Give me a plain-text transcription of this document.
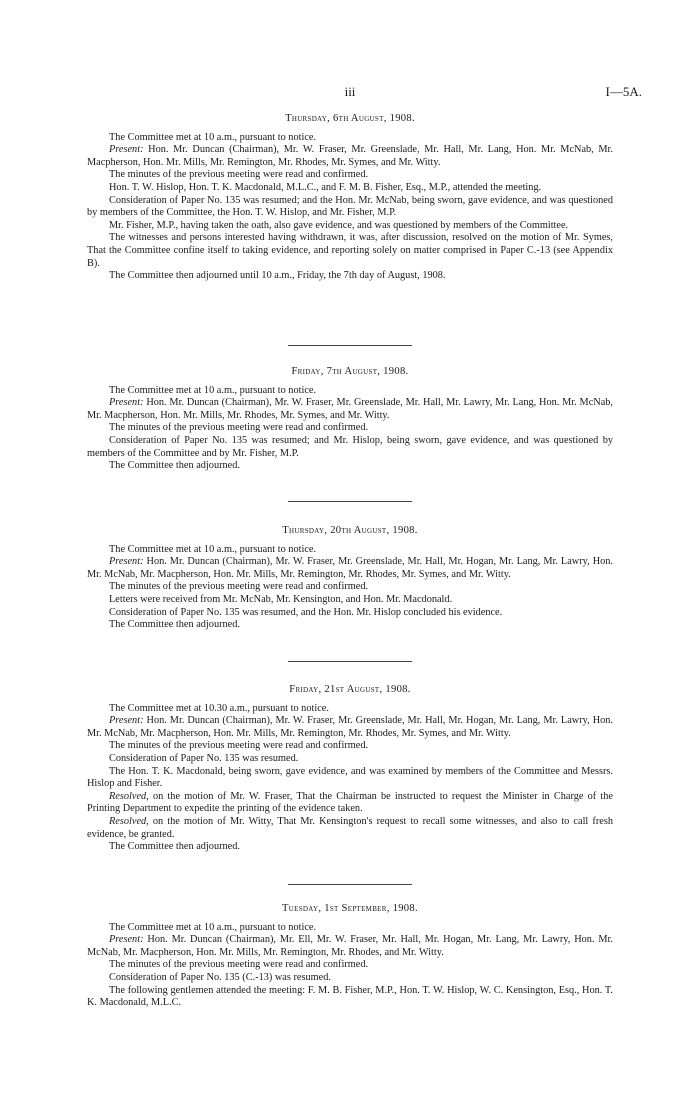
iii	I—5A.
Thursday, 6th August, 1908.

The Committee met at 10 a.m., pursuant to notice.

Present: Hon. Mr. Duncan (Chairman), Mr. W. Fraser, Mr. Greenslade, Mr. Hall, Mr. Lang, Hon. Mr. McNab, Mr. Macpherson, Hon. Mr. Mills, Mr. Remington, Mr. Rhodes, Mr. Symes, and Mr. Witty.

The minutes of the previous meeting were read and confirmed.

Hon. T. W. Hislop, Hon. T. K. Macdonald, M.L.C., and F. M. B. Fisher, Esq., M.P., attended the meeting.

Consideration of Paper No. 135 was resumed; and the Hon. Mr. McNab, being sworn, gave evidence, and was questioned by members of the Committee, the Hon. T. W. Hislop, and Mr. Fisher, M.P.

Mr. Fisher, M.P., having taken the oath, also gave evidence, and was questioned by members of the Committee.

The witnesses and persons interested having withdrawn, it was, after discussion, resolved on the motion of Mr. Symes, That the Committee confine itself to taking evidence, and reporting solely on matter comprised in Paper C.-13 (see Appendix B).

The Committee then adjourned until 10 a.m., Friday, the 7th day of August, 1908.

Friday, 7th August, 1908.

The Committee met at 10 a.m., pursuant to notice.

Present: Hon. Mr. Duncan (Chairman), Mr. W. Fraser, Mr. Greenslade, Mr. Hall, Mr. Lawry, Mr. Lang, Hon. Mr. McNab, Mr. Macpherson, Hon. Mr. Mills, Mr. Rhodes, Mr. Symes, and Mr. Witty.

The minutes of the previous meeting were read and confirmed.

Consideration of Paper No. 135 was resumed; and Mr. Hislop, being sworn, gave evidence, and was questioned by members of the Committee and by Mr. Fisher, M.P.

The Committee then adjourned.

Thursday, 20th August, 1908.

The Committee met at 10 a.m., pursuant to notice.

Present: Hon. Mr. Duncan (Chairman), Mr. W. Fraser, Mr. Greenslade, Mr. Hall, Mr. Hogan, Mr. Lang, Mr. Lawry, Hon. Mr. McNab, Mr. Macpherson, Hon. Mr. Mills, Mr. Remington, Mr. Rhodes, Mr. Symes, and Mr. Witty.

The minutes of the previous meeting were read and confirmed.

Letters were received from Mr. McNab, Mr. Kensington, and Hon. Mr. Macdonald.

Consideration of Paper No. 135 was resumed, and the Hon. Mr. Hislop concluded his evidence.

The Committee then adjourned.

Friday, 21st August, 1908.

The Committee met at 10.30 a.m., pursuant to notice.

Present: Hon. Mr. Duncan (Chairman), Mr. W. Fraser, Mr. Greenslade, Mr. Hall, Mr. Hogan, Mr. Lang, Mr. Lawry, Hon. Mr. McNab, Mr. Macpherson, Hon. Mr. Mills, Mr. Remington, Mr. Rhodes, Mr. Symes, and Mr. Witty.

The minutes of the previous meeting were read and confirmed.

Consideration of Paper No. 135 was resumed.

The Hon. T. K. Macdonald, being sworn, gave evidence, and was examined by members of the Committee and Messrs. Hislop and Fisher.

Resolved, on the motion of Mr. W. Fraser, That the Chairman be instructed to request the Minister in Charge of the Printing Department to expedite the printing of the evidence taken.

Resolved, on the motion of Mr. Witty, That Mr. Kensington's request to recall some witnesses, and also to call fresh evidence, be granted.

The Committee then adjourned.

Tuesday, 1st September, 1908.

The Committee met at 10 a.m., pursuant to notice.

Present: Hon. Mr. Duncan (Chairman), Mr. Ell, Mr. W. Fraser, Mr. Hall, Mr. Hogan, Mr. Lang, Mr. Lawry, Hon. Mr. McNab, Mr. Macpherson, Hon. Mr. Mills, Mr. Remington, Mr. Rhodes, and Mr. Witty.

The minutes of the previous meeting were read and confirmed.

Consideration of Paper No. 135 (C.-13) was resumed.

The following gentlemen attended the meeting: F. M. B. Fisher, M.P., Hon. T. W. Hislop, W. C. Kensington, Esq., Hon. T. K. Macdonald, M.L.C.
